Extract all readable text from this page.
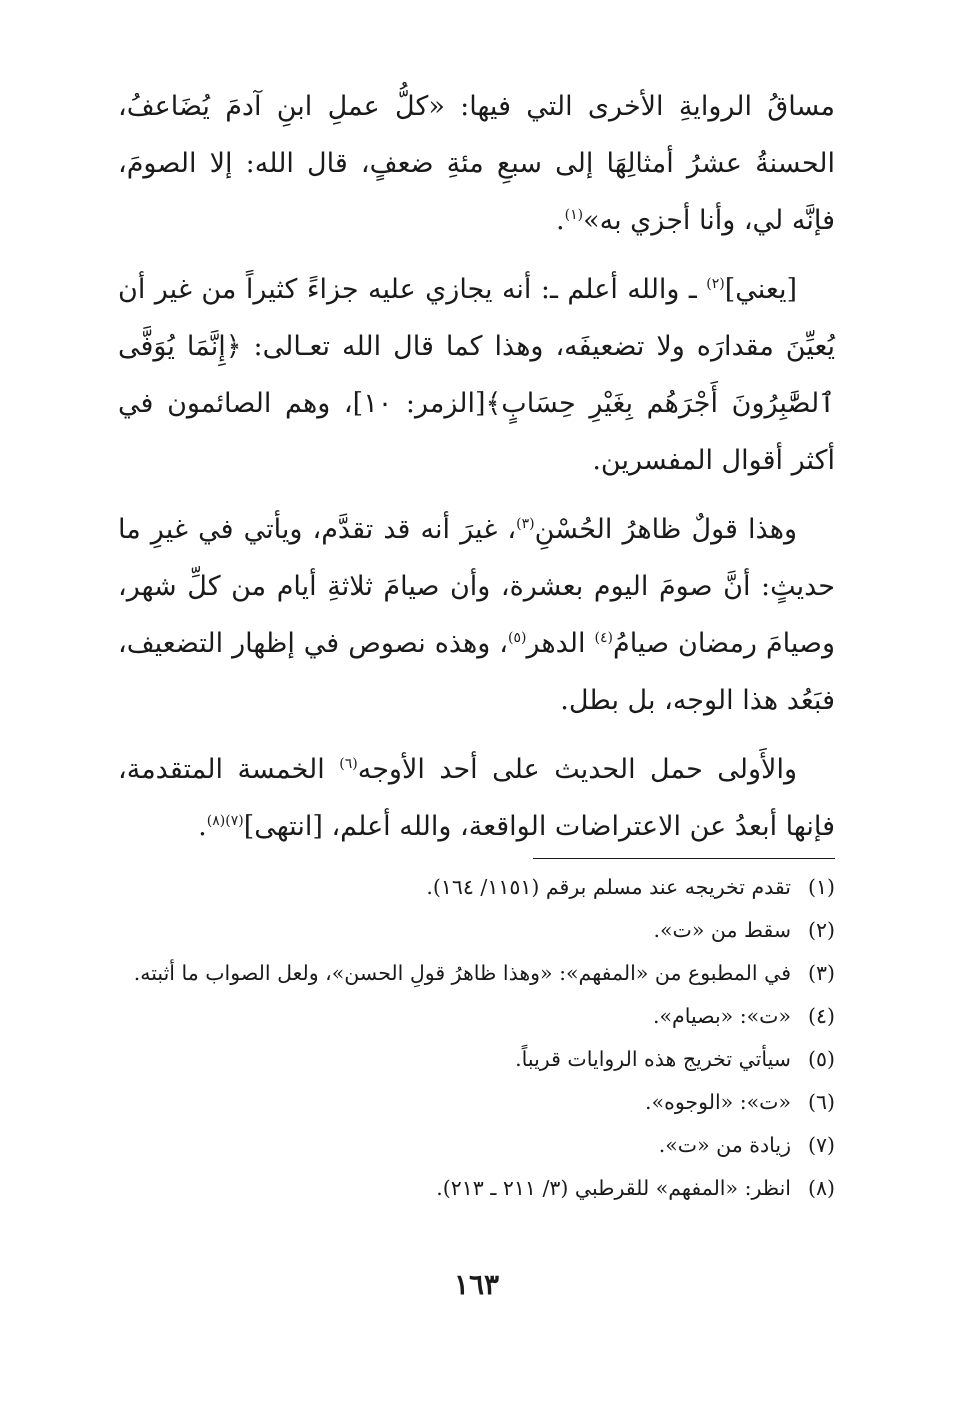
مساقُ الروايةِ الأخرى التي فيها: «كلُّ عملِ ابنِ آدمَ يُضَاعفُ، الحسنةُ عشرُ أمثالِهَا إلى سبعِ مئةِ ضعفٍ، قال الله: إلا الصومَ، فإنَّه لي، وأنا أجزي به»$^{(١)}$.

[يعني]$^{(٢)}$ ـ والله أعلم ـ: أنه يجازي عليه جزاءً كثيراً من غير أن يُعيِّنَ مقدارَه ولا تضعيفَه، وهذا كما قال الله تعـالى: ﴿إِنَّمَا يُوَفَّى ٱلصَّٰبِرُونَ أَجْرَهُم بِغَيْرِ حِسَابٍ﴾[الزمر: ١٠]، وهم الصائمون في أكثر أقوال المفسرين.

وهذا قولٌ ظاهرُ الحُسْنِ$^{(٣)}$، غيرَ أنه قد تقدَّم، ويأتي في غيرِ ما حديثٍ: أنَّ صومَ اليوم بعشرة، وأن صيامَ ثلاثةِ أيام من كلِّ شهر، وصيامَ رمضان صيامُ$^{(٤)}$ الدهر$^{(٥)}$، وهذه نصوص في إظهار التضعيف، فبَعُد هذا الوجه، بل بطل.

والأَولى حمل الحديث على أحد الأوجه$^{(٦)}$ الخمسة المتقدمة، فإنها أبعدُ عن الاعتراضات الواقعة، والله أعلم، [انتهى]$^{(٧)(٨)}$.

(١)
تقدم تخريجه عند مسلم برقم (١١٥١/ ١٦٤).
(٢)
سقط من «ت».
(٣)
في المطبوع من «المفهم»: «وهذا ظاهرُ قولِ الحسن»، ولعل الصواب ما أثبته.
(٤)
«ت»: «بصيام».
(٥)
سيأتي تخريج هذه الروايات قريباً.
(٦)
«ت»: «الوجوه».
(٧)
زيادة من «ت».
(٨)
انظر: «المفهم» للقرطبي (٣/ ٢١١ ـ ٢١٣).
١٦٣
